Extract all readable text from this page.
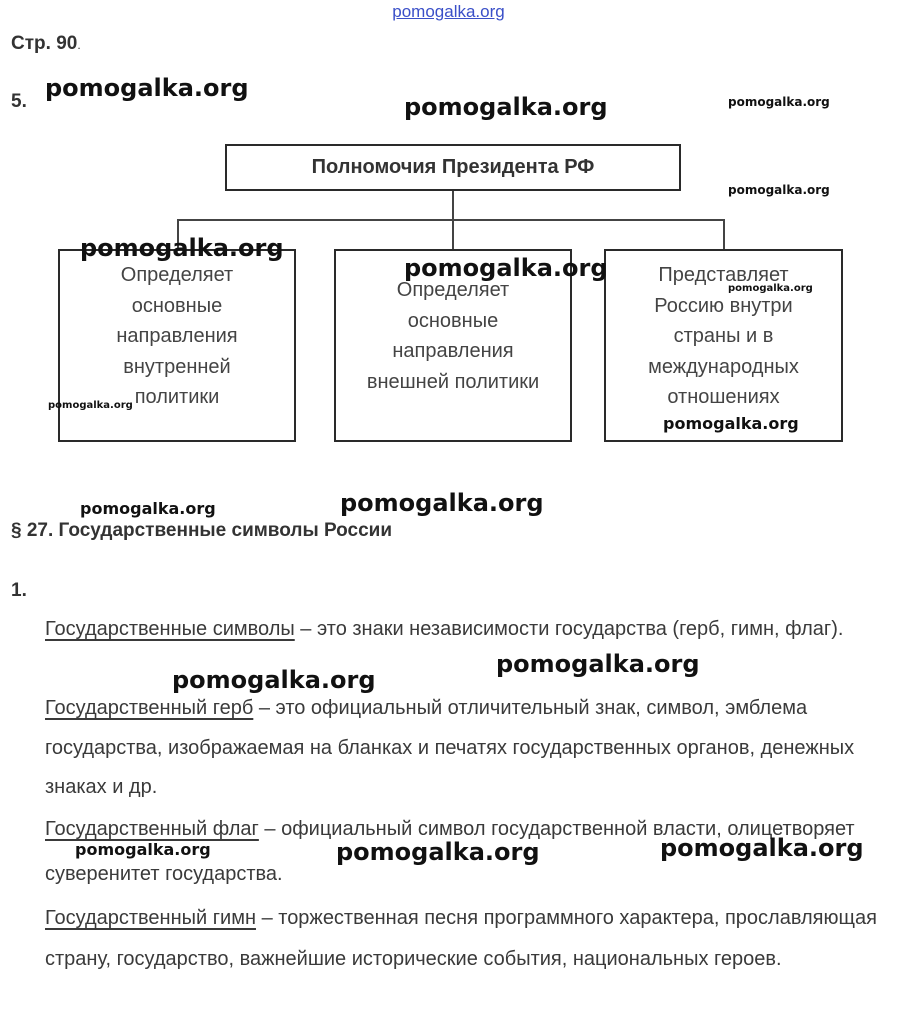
pomogalka.org
Стр. 90.
5.
Полномочия Президента РФ
Определяет основные направления внутренней политики
Определяет основные направления внешней политики
Представляет Россию внутри страны и в международных отношениях
§ 27. Государственные символы России
1.
Государственные символы – это знаки независимости государства (герб, гимн, флаг).
Государственный герб – это официальный отличительный знак, символ, эмблема государства, изображаемая на бланках и печатях государственных органов, денежных знаках и др.
Государственный флаг – официальный символ государственной власти, олицетворяет суверенитет государства.
Государственный гимн – торжественная песня программного характера, прославляющая страну, государство, важнейшие исторические события, национальных героев.
pomogalka.org
pomogalka.org	pomogalka.org
pomogalka.org
pomogalka.org
pomogalka.org
pomogalka.org
pomogalka.org
pomogalka.org
pomogalka.org	pomogalka.org
pomogalka.org
pomogalka.org
pomogalka.org	pomogalka.org	pomogalka.org
